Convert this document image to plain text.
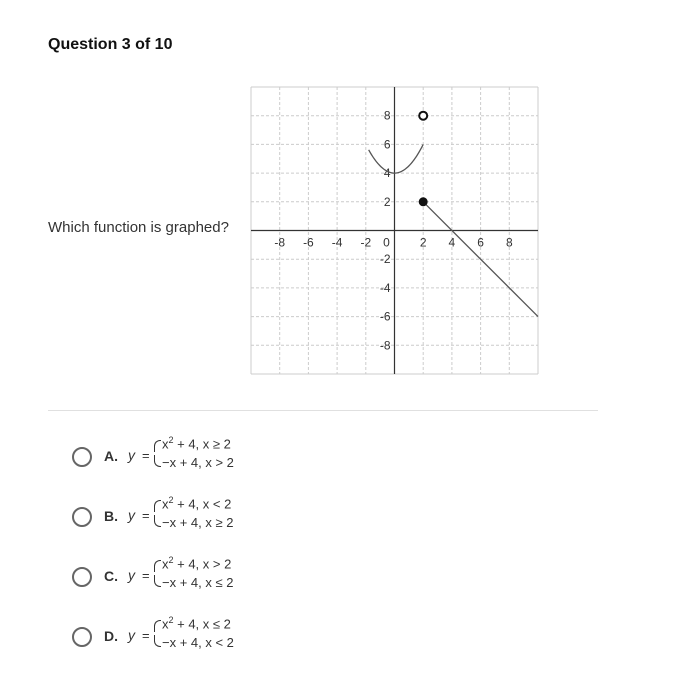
Question 3 of 10
Which function is graphed?
-8 -6 -4 -2 0	2 4 6 8
8
6
4
2
-2
-4
-6
-8
A. y =
$x^2 + 4$, x ≥ 2
−x + 4, x > 2
B. y =
$x^2 + 4$, x < 2
−x + 4, x ≥ 2
C. y =
$x^2 + 4$, x > 2
−x + 4, x ≤ 2
D. y =
$x^2 + 4$, x ≤ 2
−x + 4, x < 2
